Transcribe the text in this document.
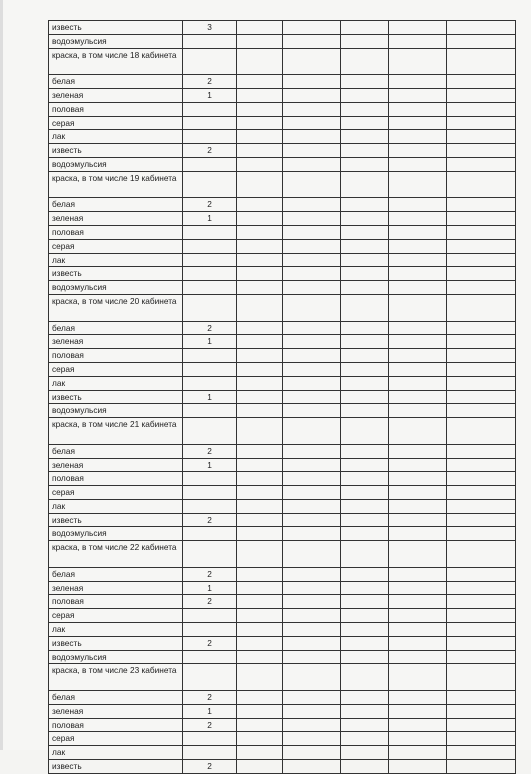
известь	3					
водоэмульсия						
краска, в том числе 18 кабинета						
белая	2					
зеленая	1					
половая						
серая						
лак						
известь	2					
водоэмульсия						
краска, в том числе 19 кабинета						
белая	2					
зеленая	1					
половая						
серая						
лак						
известь						
водоэмульсия						
краска, в том числе 20 кабинета						
белая	2					
зеленая	1					
половая						
серая						
лак						
известь	1					
водоэмульсия						
краска, в том числе 21 кабинета						
белая	2					
зеленая	1					
половая						
серая						
лак						
известь	2					
водоэмульсия						
краска, в том числе 22 кабинета						
белая	2					
зеленая	1					
половая	2					
серая						
лак						
известь	2					
водоэмульсия						
краска, в том числе 23 кабинета						
белая	2					
зеленая	1					
половая	2					
серая						
лак						
известь	2					
